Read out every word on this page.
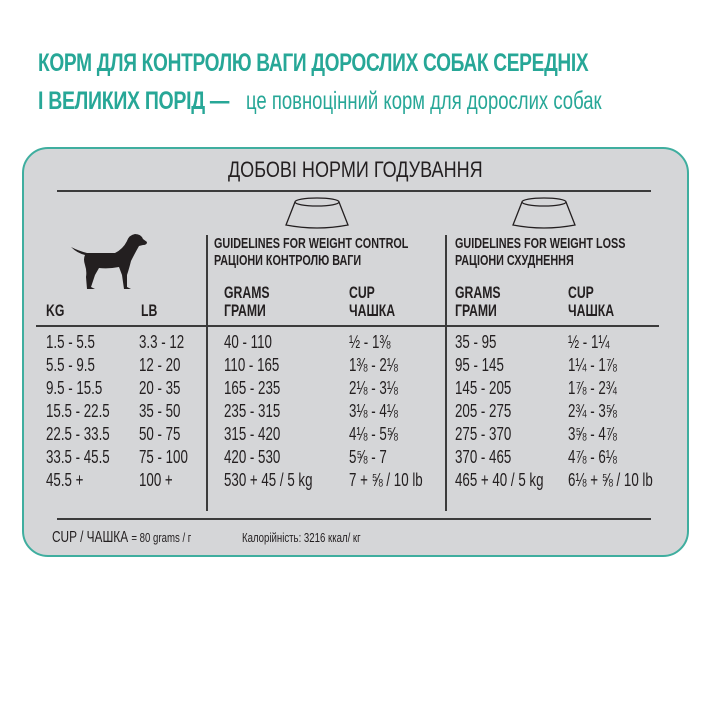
КОРМ ДЛЯ КОНТРОЛЮ ВАГИ ДОРОСЛИХ СОБАК СЕРЕДНІХ
І ВЕЛИКИХ ПОРІД — це повноцінний корм для дорослих собак
ДОБОВІ НОРМИ ГОДУВАННЯ
GUIDELINES FOR WEIGHT CONTROL
РАЦІОНИ КОНТРОЛЮ ВАГИ
GUIDELINES FOR WEIGHT LOSS
РАЦІОНИ СХУДНЕННЯ
KG	LB
GRAMS
ГРАМИ
CUP
ЧАШКА
GRAMS
ГРАМИ
CUP
ЧАШКА
1.5 - 5.5	3.3 - 12	40 - 110	½ - 1⅜	35 - 95	½ - 1¼
5.5 - 9.5	12 - 20	110 - 165	1⅜ - 2⅛	95 - 145	1¼ - 1⅞
9.5 - 15.5	20 - 35	165 - 235	2⅛ - 3⅛	145 - 205	1⅞ - 2¾
15.5 - 22.5	35 - 50	235 - 315	3⅛ - 4⅛	205 - 275	2¾ - 3⅝
22.5 - 33.5	50 - 75	315 - 420	4⅛ - 5⅝	275 - 370	3⅝ - 4⅞
33.5 - 45.5	75 - 100	420 - 530	5⅝ - 7	370 - 465	4⅞ - 6⅛
45.5 +	100 +	530 + 45 / 5 kg	7 + ⅝ / 10 lb	465 + 40 / 5 kg	6⅛ + ⅝ / 10 lb
CUP / ЧАШКА = 80 grams / г	Калорійність: 3216 ккал/ кг
